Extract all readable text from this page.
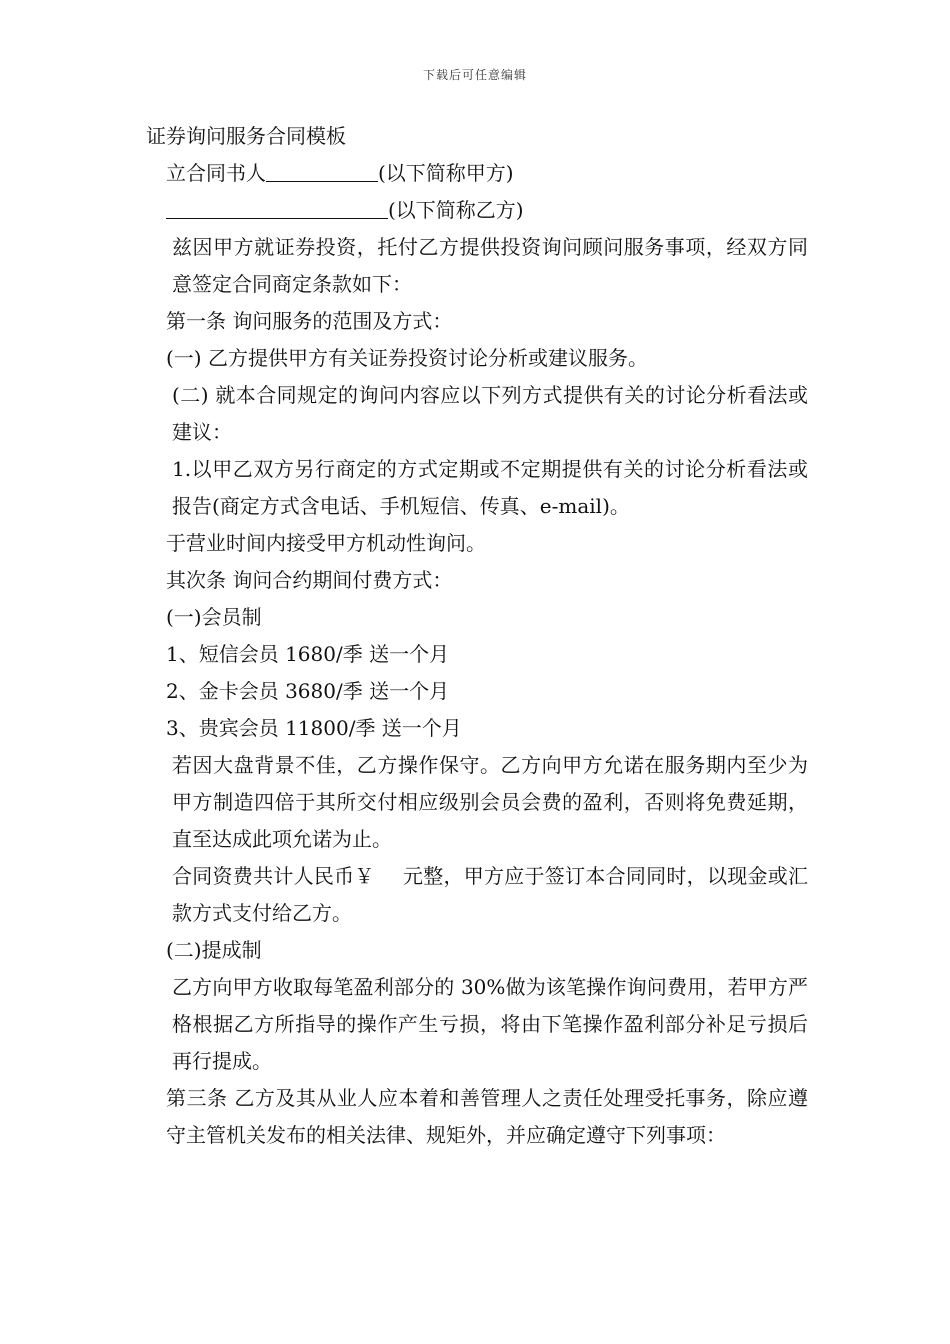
下载后可任意编辑
证券询问服务合同模板
立合同书人	(以下简称甲方)
(以下简称乙方)
兹因甲方就证券投资，托付乙方提供投资询问顾问服务事项，经双方同意签定合同商定条款如下：
第一条 询问服务的范围及方式：
(一) 乙方提供甲方有关证券投资讨论分析或建议服务。
(二) 就本合同规定的询问内容应以下列方式提供有关的讨论分析看法或建议：
1.以甲乙双方另行商定的方式定期或不定期提供有关的讨论分析看法或报告(商定方式含电话、手机短信、传真、e-mail)。
于营业时间内接受甲方机动性询问。
其次条 询问合约期间付费方式：
(一)会员制
1、短信会员 1680/季 送一个月
2、金卡会员 3680/季 送一个月
3、贵宾会员 11800/季 送一个月
若因大盘背景不佳，乙方操作保守。乙方向甲方允诺在服务期内至少为甲方制造四倍于其所交付相应级别会员会费的盈利，否则将免费延期，直至达成此项允诺为止。
合同资费共计人民币￥ 元整，甲方应于签订本合同同时，以现金或汇款方式支付给乙方。
(二)提成制
乙方向甲方收取每笔盈利部分的 30%做为该笔操作询问费用，若甲方严格根据乙方所指导的操作产生亏损，将由下笔操作盈利部分补足亏损后再行提成。
第三条 乙方及其从业人应本着和善管理人之责任处理受托事务，除应遵守主管机关发布的相关法律、规矩外，并应确定遵守下列事项：
